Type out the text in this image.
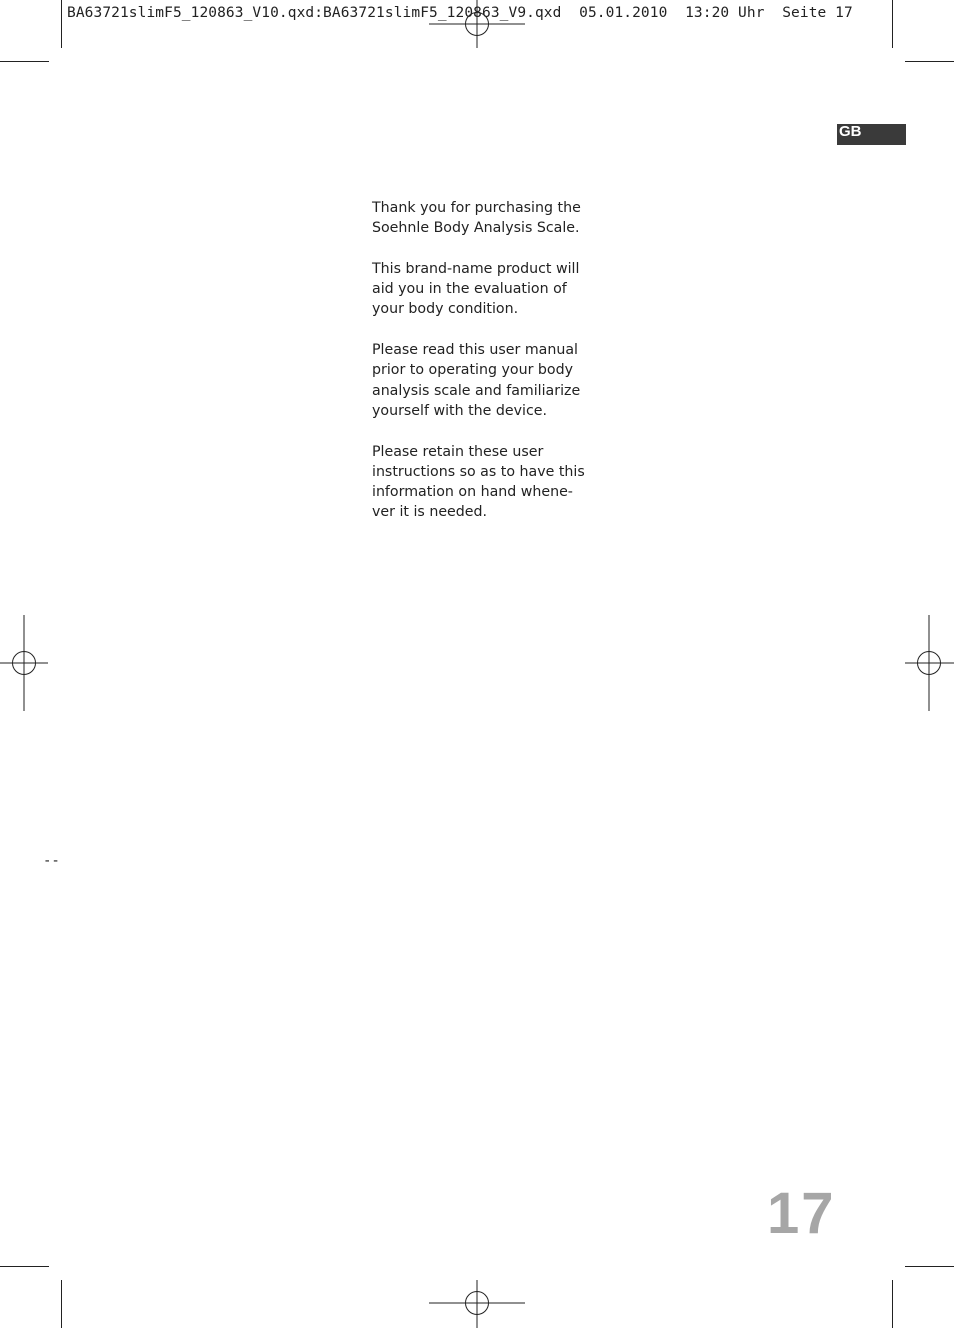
BA63721slimF5_120863_V10.qxd:BA63721slimF5_120863_V9.qxd  05.01.2010  13:20 Uhr  Seite 17
GB

Thank you for purchasing the
Soehnle Body Analysis Scale.

This brand-name product will
aid you in the evaluation of
your body condition.

Please read this user manual
prior to operating your body
analysis scale and familiarize
yourself with the device.

Please retain these user
instructions so as to have this
information on hand whene-
ver it is needed.

--
17
